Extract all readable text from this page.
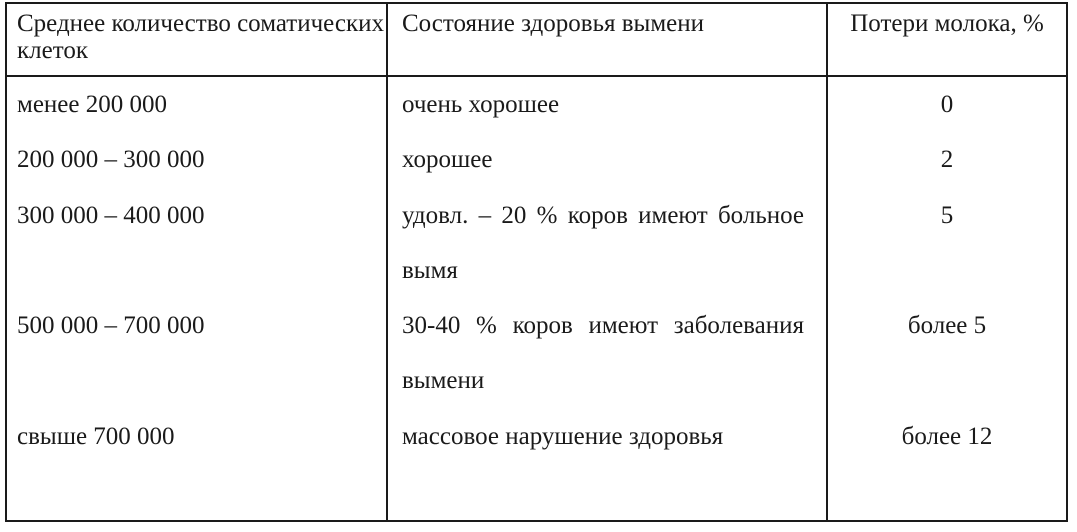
Среднее количество соматических клеток	Состояние здоровья вымени	Потери молока, %
менее 200 000	очень хорошее	0
200 000 – 300 000	хорошее	2
300 000 – 400 000	удовл. – 20 % коров имеют больное вымя	5
500 000 – 700 000	30-40 % коров имеют заболевания вымени	более 5
свыше 700 000	массовое нарушение здоровья	более 12
